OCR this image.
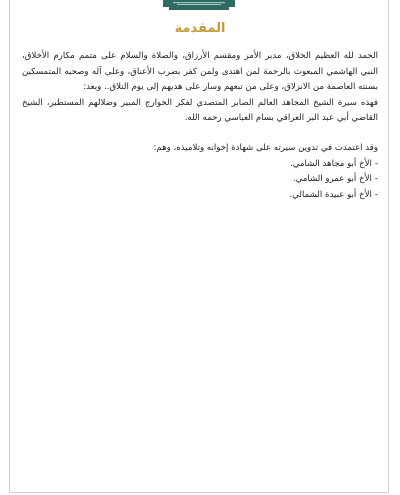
المقدمة

الحمد لله العظيم الخلاق، مدبر الأمر ومقسم الأرزاق، والصلاة والسلام على متمم مكارم الأخلاق، النبي الهاشمي المبعوث بالرحمة لمن اهتدى ولمن كفر بضرب الأعناق، وعلى آله وصحبه المتمسكين بسنته العاصمة من الانزلاق، وعلى من تبعهم وسار على هديهم إلى يوم التلاق.. وبعد:

فهذه سيرة الشيخ المجاهد العالم الصابر المتصدي لفكر الخوارج المبير وضلالهم المستطير، الشيخ القاضي أبي عبد البر العراقي بسام العباسي رحمه الله.

وقد اعتمدت في تدوين سيرته على شهادة إخوانه وتلاميذه، وهم:

-الأخ أبو مجاهد الشامي.
-الأخ أبو عمرو الشامي.
-الأخ أبو عبيدة الشمالي.
